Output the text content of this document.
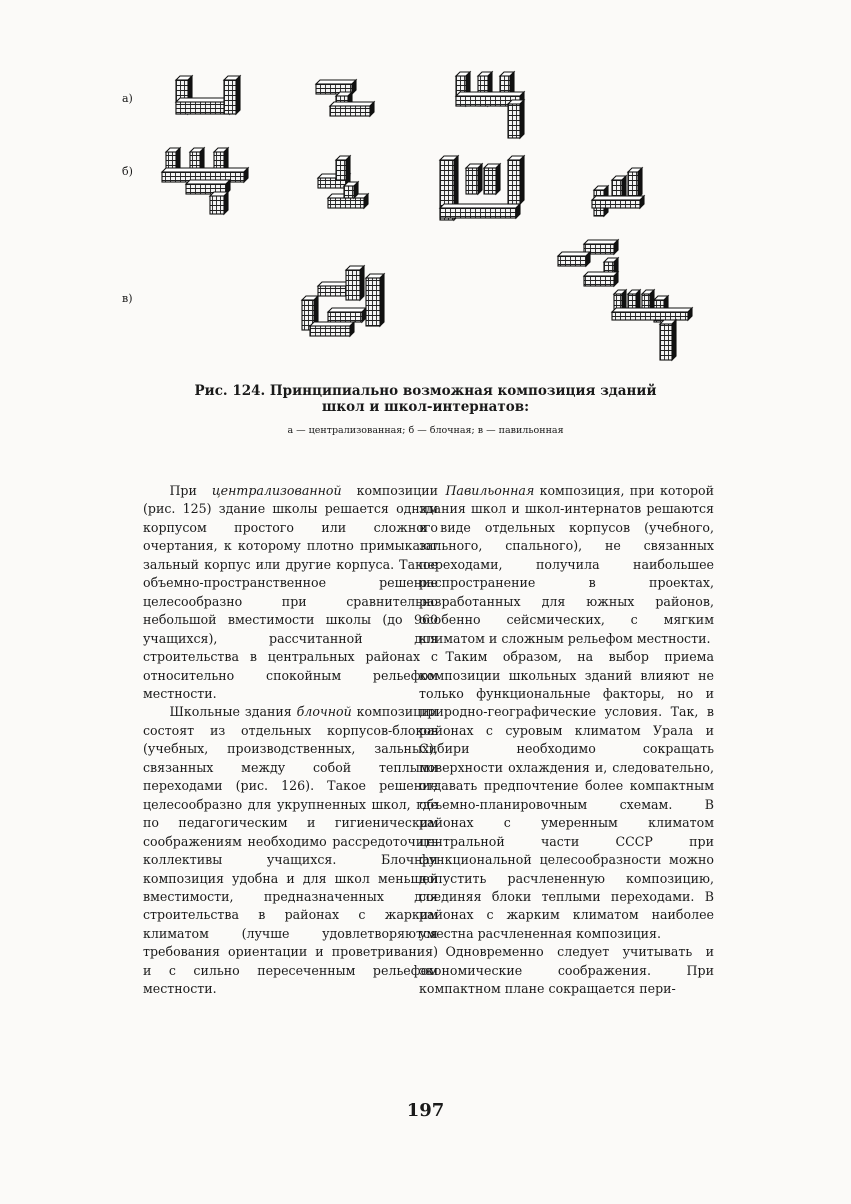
а)
б)
в)
Рис. 124. Принципиально возможная композиция зданий
школ и школ-интернатов:
а — централизованная; б — блочная; в — павильонная

При централизованной композиции (рис. 125) здание школы решается одним корпусом простого или сложного очертания, к которому плотно примыкают зальный корпус или другие корпуса. Такое объемно-пространственное решение целесообразно при сравнительно небольшой вместимости школы (до 960 учащихся), рассчитанной для строительства в центральных районах с относительно спокойным рельефом местности.

Школьные здания блочной композиции состоят из отдельных корпусов-блоков (учебных, производственных, зальных), связанных между собой теплыми переходами (рис. 126). Такое решение целесообразно для укрупненных школ, где по педагогическим и гигиеническим соображениям необходимо рассредоточить коллективы учащихся. Блочная композиция удобна и для школ меньшей вместимости, предназначенных для строительства в районах с жарким климатом (лучше удовлетворяются требования ориентации и проветривания) и с сильно пересеченным рельефом местности.

Павильонная композиция, при которой здания школ и школ-интернатов решаются в виде отдельных корпусов (учебного, зального, спального), не связанных переходами, получила наибольшее распространение в проектах, разработанных для южных районов, особенно сейсмических, с мягким климатом и сложным рельефом местности.

Таким образом, на выбор приема композиции школьных зданий влияют не только функциональные факторы, но и природно-географические условия. Так, в районах с суровым климатом Урала и Сибири необходимо сокращать поверхности охлаждения и, следовательно, отдавать предпочтение более компактным объемно-планировочным схемам. В районах с умеренным климатом центральной части СССР при функциональной целесообразности можно допустить расчлененную композицию, соединяя блоки теплыми переходами. В районах с жарким климатом наиболее уместна расчлененная композиция.

Одновременно следует учитывать и экономические соображения. При компактном плане сокращается пери-

197
